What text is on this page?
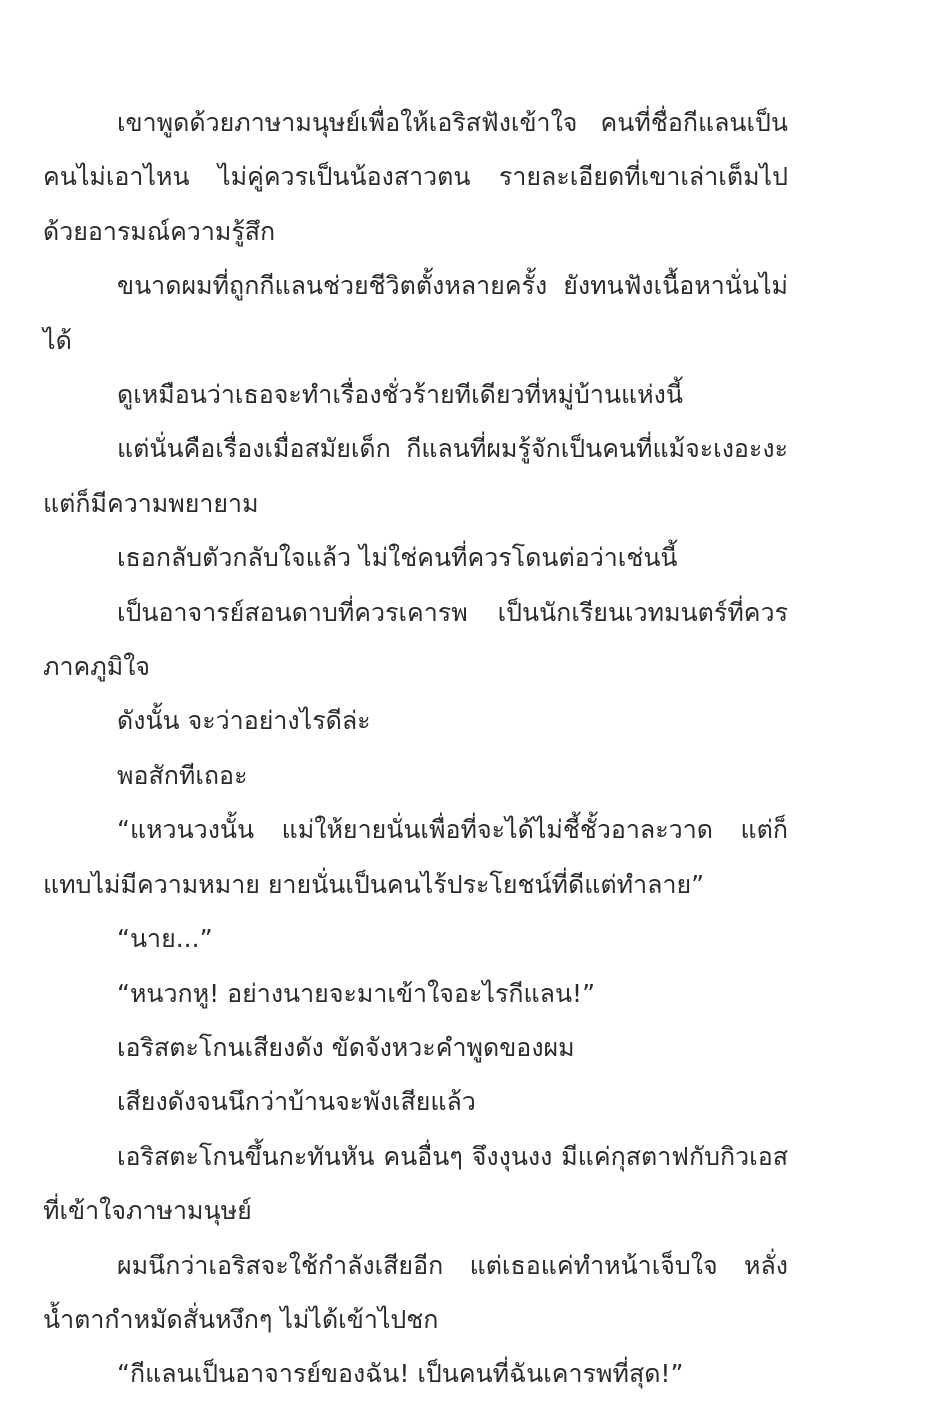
เขาพูดด้วยภาษามนุษย์เพื่อให้เอริสฟังเข้าใจ คนที่ชื่อกีแลนเป็นคนไม่เอาไหน ไม่คู่ควรเป็นน้องสาวตน รายละเอียดที่เขาเล่าเต็มไปด้วยอารมณ์ความรู้สึก

ขนาดผมที่ถูกกีแลนช่วยชีวิตตั้งหลายครั้ง ยังทนฟังเนื้อหานั่นไม่ได้

ดูเหมือนว่าเธอจะทำเรื่องชั่วร้ายทีเดียวที่หมู่บ้านแห่งนี้

แต่นั่นคือเรื่องเมื่อสมัยเด็ก กีแลนที่ผมรู้จักเป็นคนที่แม้จะเงอะงะแต่ก็มีความพยายาม

เธอกลับตัวกลับใจแล้ว ไม่ใช่คนที่ควรโดนต่อว่าเช่นนี้

เป็นอาจารย์สอนดาบที่ควรเคารพ เป็นนักเรียนเวทมนตร์ที่ควรภาคภูมิใจ

ดังนั้น จะว่าอย่างไรดีล่ะ

พอสักทีเถอะ

“แหวนวงนั้น แม่ให้ยายนั่นเพื่อที่จะได้ไม่ชี้ชั้วอาละวาด แต่ก็แทบไม่มีความหมาย ยายนั่นเป็นคนไร้ประโยชน์ที่ดีแต่ทำลาย”

“นาย...”

“หนวกหู! อย่างนายจะมาเข้าใจอะไรกีแลน!”

เอริสตะโกนเสียงดัง ขัดจังหวะคำพูดของผม

เสียงดังจนนึกว่าบ้านจะพังเสียแล้ว

เอริสตะโกนขึ้นกะทันหัน คนอื่นๆ จึงงุนงง มีแค่กุสตาฟกับกิวเอสที่เข้าใจภาษามนุษย์

ผมนึกว่าเอริสจะใช้กำลังเสียอีก แต่เธอแค่ทำหน้าเจ็บใจ หลั่งน้ำตากำหมัดสั่นหงึกๆ ไม่ได้เข้าไปชก

“กีแลนเป็นอาจารย์ของฉัน! เป็นคนที่ฉันเคารพที่สุด!”
